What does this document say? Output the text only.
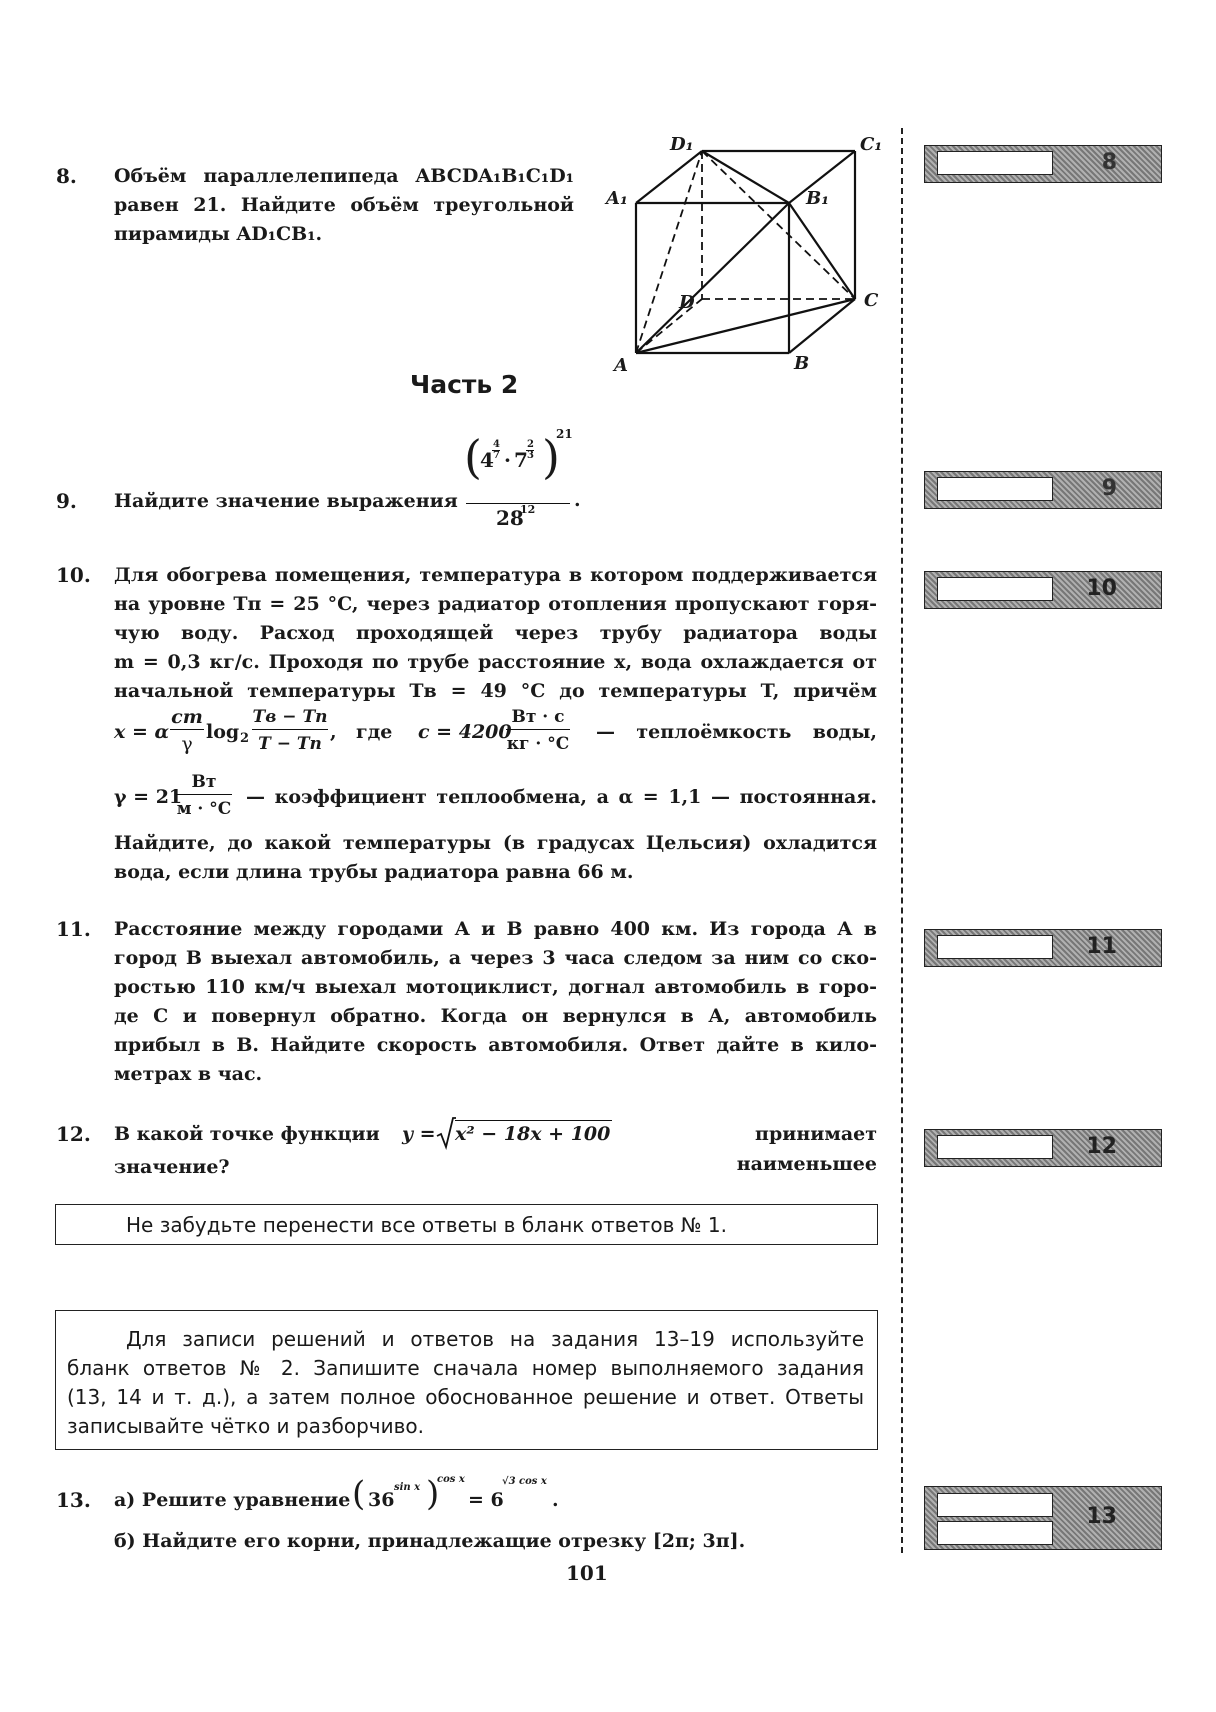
8. Объём параллелепипеда ABCDA₁B₁C₁D₁
равен 21. Найдите объём треугольной
пирамиды AD₁CB₁.
D₁	C₁
A₁	B₁
D	C
A	B
Часть 2
9. Найдите значение выражения
( )
4
4
7 · 7
2
3
21
28
12 .
10. Для обогрева помещения, температура в котором поддерживается
на уровне Tп = 25 °C, через радиатор отопления пропускают горя-
чую воду. Расход проходящей через трубу радиатора воды
m = 0,3 кг/с. Проходя по трубе расстояние x, вода охлаждается от
начальной температуры Tв = 49 °C до температуры T, причём
x = α
cm
γ
log 2
Tв − Tп
T − Tп
, где c = 4200
Вт · с
кг · °С
— теплоёмкость воды,
γ = 21
Вт
м · °С
— коэффициент теплообмена, а α = 1,1 — постоянная.
Найдите, до какой температуры (в градусах Цельсия) охладится
вода, если длина трубы радиатора равна 66 м.
11. Расстояние между городами А и В равно 400 км. Из города А в
город В выехал автомобиль, а через 3 часа следом за ним со ско-
ростью 110 км/ч выехал мотоциклист, догнал автомобиль в горо-
де С и повернул обратно. Когда он вернулся в А, автомобиль
прибыл в В. Найдите скорость автомобиля. Ответ дайте в кило-
метрах в час.
12. В какой точке функции y = x² − 18x + 100	принимает наименьшее
значение?
Не забудьте перенести все ответы в бланк ответов № 1.
Для записи решений и ответов на задания 13–19 используйте
бланк ответов № 2. Запишите сначала номер выполняемого задания
(13, 14 и т. д.), а затем полное обоснованное решение и ответ. Ответы
записывайте чётко и разборчиво.
13. а) Решите уравнение ( 36
sin x )
cos x
= 6
√3 cos x
.
б) Найдите его корни, принадлежащие отрезку [2π; 3π].
101
8
9
10
11
12
13
